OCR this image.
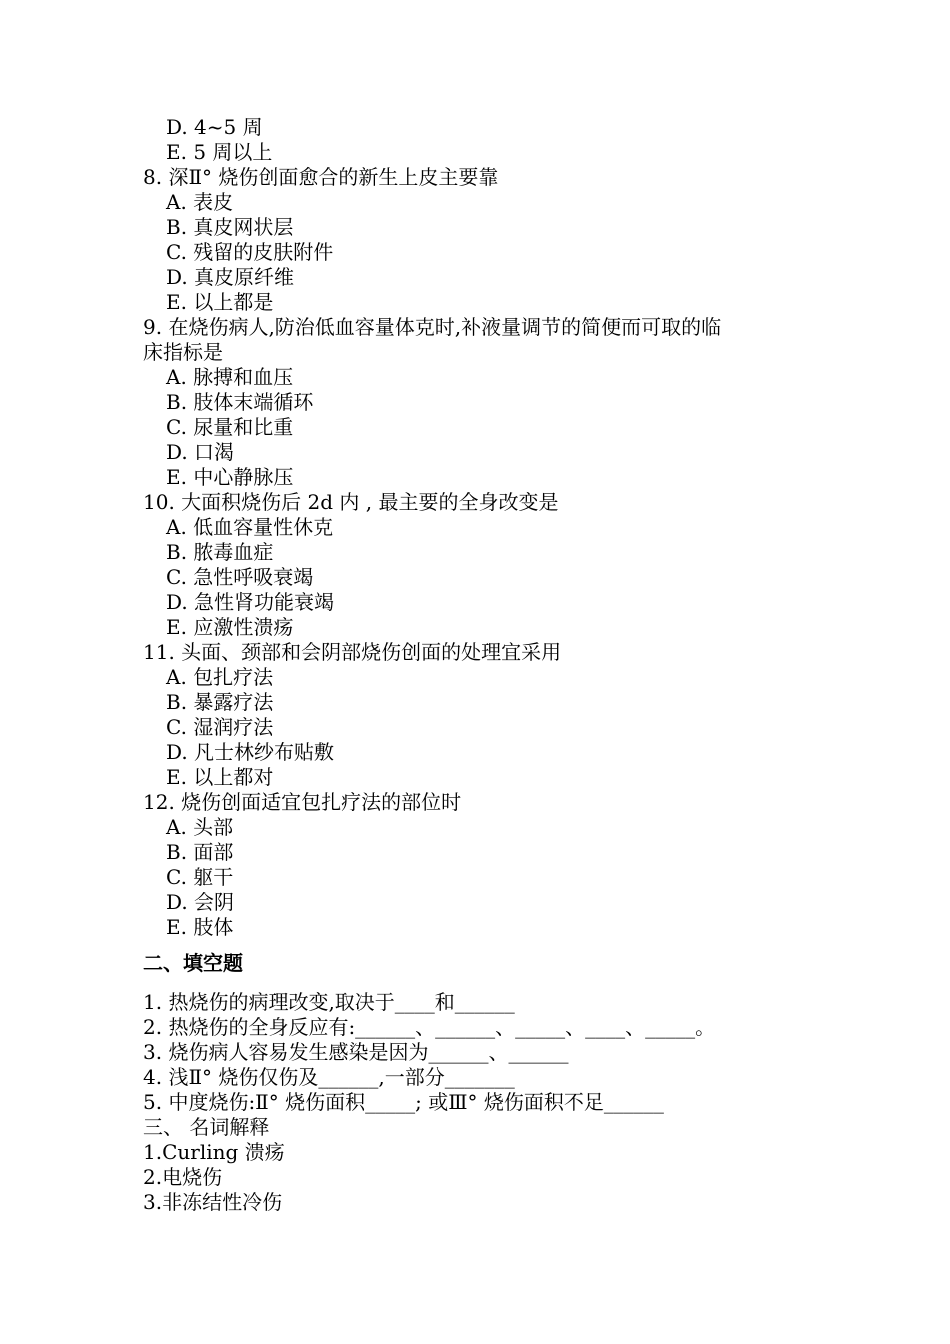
D. 4~5 周
E. 5 周以上
8. 深Ⅱ° 烧伤创面愈合的新生上皮主要靠
A. 表皮
B. 真皮网状层
C. 残留的皮肤附件
D. 真皮原纤维
E. 以上都是
9. 在烧伤病人,防治低血容量体克时,补液量调节的简便而可取的临
床指标是
A. 脉搏和血压
B. 肢体末端循环
C. 尿量和比重
D. 口渴
E. 中心静脉压
10. 大面积烧伤后 2d 内 , 最主要的全身改变是
A. 低血容量性休克
B. 脓毒血症
C. 急性呼吸衰竭
D. 急性肾功能衰竭
E. 应激性溃疡
11. 头面、颈部和会阴部烧伤创面的处理宜采用
A. 包扎疗法
B. 暴露疗法
C. 湿润疗法
D. 凡士林纱布贴敷
E. 以上都对
12. 烧伤创面适宜包扎疗法的部位时
A. 头部
B. 面部
C. 躯干
D. 会阴
E. 肢体
二、填空题
1. 热烧伤的病理改变,取决于____和______
2. 热烧伤的全身反应有:______、______、_____、____、_____。
3. 烧伤病人容易发生感染是因为______、______
4. 浅Ⅱ° 烧伤仅伤及______,一部分_______
5. 中度烧伤:Ⅱ° 烧伤面积_____; 或Ⅲ° 烧伤面积不足______
三、 名词解释
1.Curling 溃疡
2.电烧伤
3.非冻结性冷伤
